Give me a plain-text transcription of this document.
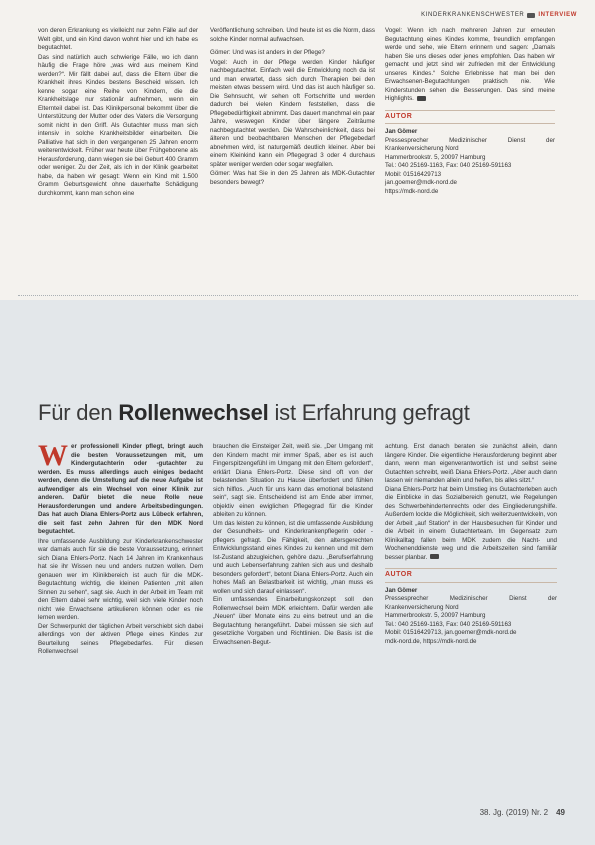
KINDERKRANKENSCHWESTER INTERVIEW

von deren Erkrankung es vielleicht nur zehn Fälle auf der Welt gibt, und ein Kind davon wohnt hier und ich habe es begutachtet.

Das sind natürlich auch schwierige Fälle, wo ich dann häufig die Frage höre „was wird aus meinem Kind werden?“. Mir fällt dabei auf, dass die Eltern über die Krankheit ihres Kindes bestens Bescheid wissen. Ich kenne sogar eine Reihe von Kindern, die die Krankheitslage nur stationär aufnehmen, wenn ein Elternteil dabei ist. Das Klinikpersonal bekommt über die Unterstützung der Mutter oder des Vaters die Versorgung somit nicht in den Griff. Als Gutachter muss man sich intensiv in solche Krankheitsbilder einarbeiten. Die Palliative hat sich in den vergangenen 25 Jahren enorm weiterentwickelt. Früher war heute über Frühgeborene als Herausforderung, dann wiegen sie bei Geburt 400 Gramm oder weniger. Zu der Zeit, als ich in der Klinik gearbeitet habe, da haben wir gesagt: Wenn ein Kind mit 1.500 Gramm Geburtsgewicht ohne dauerhafte Schädigung durchkommt, kann man schon eine

Veröffentlichung schreiben. Und heute ist es die Norm, dass solche Kinder normal aufwachsen.

Gömer: Und was ist anders in der Pflege?

Vogel: Auch in der Pflege werden Kinder häufiger nachbegutachtet. Einfach weil die Entwicklung noch da ist und man erwartet, dass sich durch Therapien bei den meisten etwas bessern wird. Und das ist auch häufiger so. Die Sehnsucht, wir sehen oft Fortschritte und werden dadurch bei vielen Kindern feststellen, dass die Pflegebedürftigkeit abnimmt. Das dauert manchmal ein paar Jahre, weswegen Kinder über längere Zeiträume nachbegutachtet werden. Die Wahrscheinlichkeit, dass bei älteren und beobachtbaren Menschen der Pflegebedarf abnehmen wird, ist naturgemäß deutlich kleiner. Aber bei einem Kleinkind kann ein Pflegegrad 3 oder 4 durchaus später weniger werden oder sogar wegfallen.

Gömer: Was hat Sie in den 25 Jahren als MDK-Gutachter besonders bewegt?

Vogel: Wenn ich nach mehreren Jahren zur erneuten Begutachtung eines Kindes komme, freundlich empfangen werde und sehe, wie Eltern erinnern und sagen: „Damals haben Sie uns dieses oder jenes empfohlen. Das haben wir gemacht und jetzt sind wir zufrieden mit der Entwicklung unseres Kindes.“ Solche Erlebnisse hat man bei den Erwachsenen-Begutachtungen praktisch nie. Wie Kinderstunden sehen die Besserungen. Das sind meine Highlights.

AUTOR
Jan Gömer
Pressesprecher Medizinischer Dienst der Krankenversicherung Nord
Hammerbrookstr. 5, 20097 Hamburg
Tel.: 040 25169-1163, Fax: 040 25169-591163
Mobil: 01516429713
jan.goemer@mdk-nord.de
https://mdk-nord.de
Für den Rollenwechsel ist Erfahrung gefragt

Wer professionell Kinder pflegt, bringt auch die besten Voraussetzungen mit, um Kindergutachterin oder -gutachter zu werden. Es muss allerdings auch einiges bedacht werden, denn die Umstellung auf die neue Aufgabe ist aufwendiger als ein Wechsel von einer Klinik zur anderen. Dafür bietet die neue Rolle neue Herausforderungen und andere Arbeitsbedingungen. Das hat auch Diana Ehlers-Portz aus Lübeck erfahren, die seit fast zehn Jahren für den MDK Nord begutachtet.

Ihre umfassende Ausbildung zur Kinderkrankenschwester war damals auch für sie die beste Voraussetzung, erinnert sich Diana Ehlers-Portz. Nach 14 Jahren im Krankenhaus hat sie ihr Wissen neu und anders nutzen wollen. Dem genauen wer im Klinikbereich ist auch für die MDK-Begutachtung wichtig, die kleinen Patienten „mit allen Sinnen zu sehen“, sagt sie. Auch in der Arbeit im Team mit den Eltern dabei sehr wichtig, weil sich viele Kinder noch nicht wie Erwachsene artikulieren können oder es nie lernen werden.
Der Schwerpunkt der täglichen Arbeit verschiebt sich dabei allerdings von der aktiven Pflege eines Kindes zur Beurteilung seines Pflegebedarfes. Für diesen Rollenwechsel

brauchen die Einsteiger Zeit, weiß sie. „Der Umgang mit den Kindern macht mir immer Spaß, aber es ist auch Fingerspitzengefühl im Umgang mit den Eltern gefordert“, erklärt Diana Ehlers-Portz. Diese sind oft von der belastenden Situation zu Hause überfordert und fühlen sich hilflos. „Auch für uns kann das emotional belastend sein“, sagt sie. Entscheidend ist am Ende aber immer, objektiv einen ewiglichen Pflegegrad für die Kinder ableiten zu können.
Um das leisten zu können, ist die umfassende Ausbildung der Gesundheits- und Kinderkrankenpflegerin oder -pflegers gefragt. Die Fähigkeit, den altersgerechten Entwicklungsstand eines Kindes zu kennen und mit dem Ist-Zustand abzugleichen, gehöre dazu. „Berufserfahrung und auch Lebenserfahrung zahlen sich aus und deshalb besonders gefordert“, betont Diana Ehlers-Portz. Auch ein hohes Maß an Belastbarkeit ist wichtig, „man muss es wollen und sich darauf einlassen“.
Ein umfassendes Einarbeitungskonzept soll den Rollenwechsel beim MDK erleichtern. Dafür werden alle „Neuen“ über Monate eins zu eins betreut und an die Begutachtung herangeführt. Dabei müssen sie sich auf gesetzliche Vorgaben und Richtlinien. Die Basis ist die Erwachsenen-Begut-

achtung. Erst danach beraten sie zunächst allein, dann längere Kinder. Die eigentliche Herausforderung beginnt aber dann, wenn man eigenverantwortlich ist und selbst seine Gutachten schreibt, weiß Diana Ehlers-Portz. „Aber auch dann lassen wir niemanden allein und helfen, bis alles sitzt.“
Diana Ehlers-Portz hat beim Umstieg ins Gutachterleben auch die Einblicke in das Sozialbereich genutzt, wie Regelungen des Schwerbehindertenrechts oder des Eingliederungshilfe. Außerdem lockte die Möglichkeit, sich weiterzuentwickeln, von der Arbeit „auf Station“ in der Hausbesuchen für Kinder und die Arbeit in einem Gutachterteam. Im Gegensatz zum Klinikalltag fallen beim MDK zudem die Nacht- und Wochenenddienste weg und die Arbeitszeiten sind familiär besser planbar.

AUTOR
Jan Gömer
Pressesprecher Medizinischer Dienst der Krankenversicherung Nord
Hammerbrookstr. 5, 20097 Hamburg
Tel.: 040 25169-1163, Fax: 040 25169-591163
Mobil: 01516429713, jan.goemer@mdk-nord.de
mdk-nord.de, https://mdk-nord.de
38. Jg. (2019) Nr. 2 49
